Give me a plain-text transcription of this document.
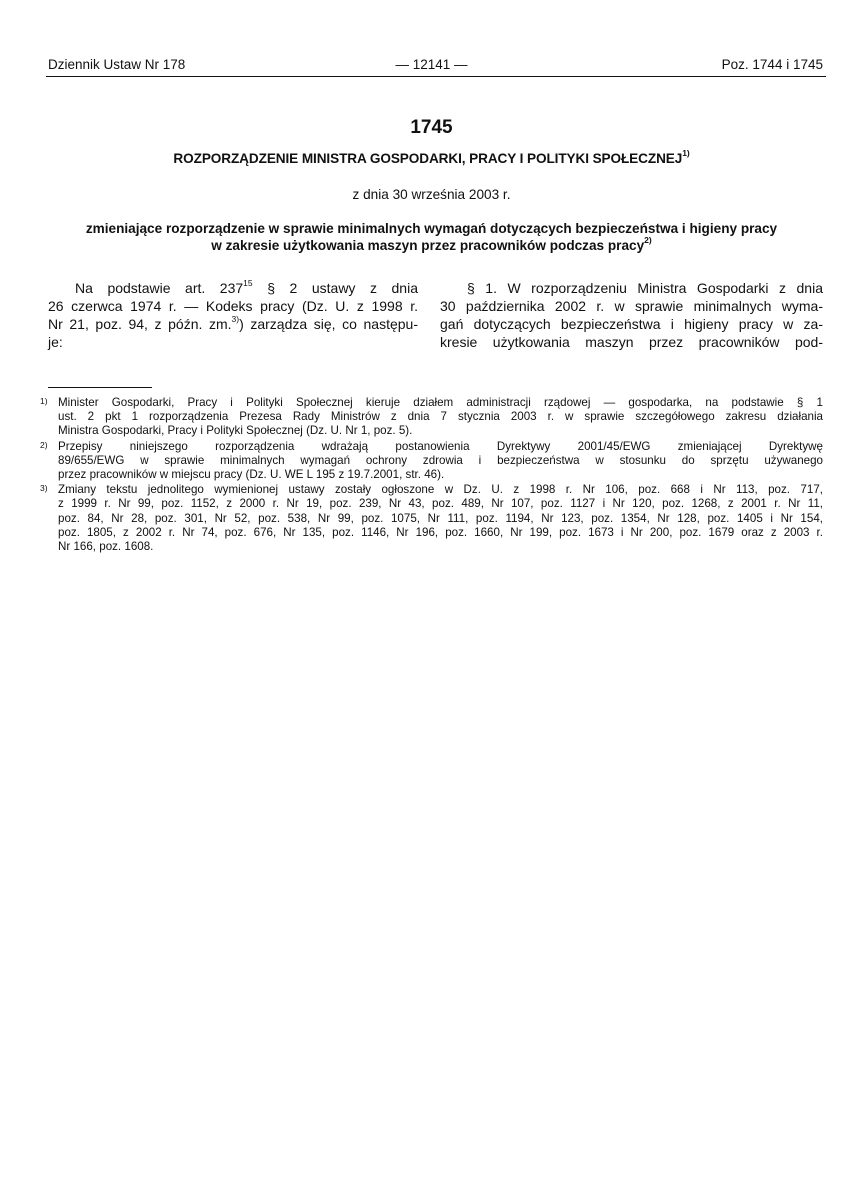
Dziennik Ustaw Nr 178	— 12141 —	Poz. 1744 i 1745
1745
ROZPORZĄDZENIE MINISTRA GOSPODARKI, PRACY I POLITYKI SPOŁECZNEJ$^{1)}$
z dnia 30 września 2003 r.
zmieniające rozporządzenie w sprawie minimalnych wymagań dotyczących bezpieczeństwa i higieny pracy
w zakresie użytkowania maszyn przez pracowników podczas pracy$^{2)}$
Na podstawie art. $237^{15}$ § 2 ustawy z dnia
26 czerwca 1974 r. — Kodeks pracy (Dz. U. z 1998 r.
Nr 21, poz. 94, z późn. zm.$^{3)}$) zarządza się, co następu-
je:
§ 1. W rozporządzeniu Ministra Gospodarki z dnia
30 października 2002 r. w sprawie minimalnych wyma-
gań dotyczących bezpieczeństwa i higieny pracy w za-
kresie użytkowania maszyn przez pracowników pod-
1) Minister Gospodarki, Pracy i Polityki Społecznej kieruje działem administracji rządowej — gospodarka, na podstawie § 1
ust. 2 pkt 1 rozporządzenia Prezesa Rady Ministrów z dnia 7 stycznia 2003 r. w sprawie szczegółowego zakresu działania
Ministra Gospodarki, Pracy i Polityki Społecznej (Dz. U. Nr 1, poz. 5).
2) Przepisy niniejszego rozporządzenia wdrażają postanowienia Dyrektywy 2001/45/EWG zmieniającej Dyrektywę
89/655/EWG w sprawie minimalnych wymagań ochrony zdrowia i bezpieczeństwa w stosunku do sprzętu używanego
przez pracowników w miejscu pracy (Dz. U. WE L 195 z 19.7.2001, str. 46).
3) Zmiany tekstu jednolitego wymienionej ustawy zostały ogłoszone w Dz. U. z 1998 r. Nr 106, poz. 668 i Nr 113, poz. 717,
z 1999 r. Nr 99, poz. 1152, z 2000 r. Nr 19, poz. 239, Nr 43, poz. 489, Nr 107, poz. 1127 i Nr 120, poz. 1268, z 2001 r. Nr 11,
poz. 84, Nr 28, poz. 301, Nr 52, poz. 538, Nr 99, poz. 1075, Nr 111, poz. 1194, Nr 123, poz. 1354, Nr 128, poz. 1405 i Nr 154,
poz. 1805, z 2002 r. Nr 74, poz. 676, Nr 135, poz. 1146, Nr 196, poz. 1660, Nr 199, poz. 1673 i Nr 200, poz. 1679 oraz z 2003 r.
Nr 166, poz. 1608.
